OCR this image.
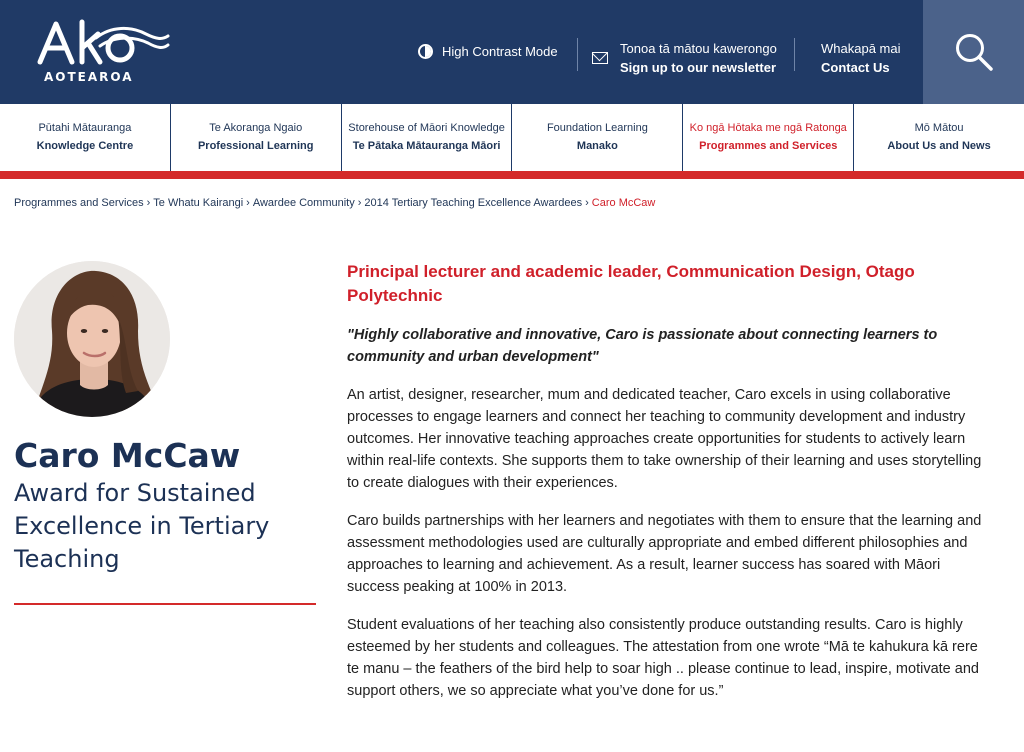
AOTEAROA
High Contrast Mode	Tonoa tā mātou kawerongo
Sign up to our newsletter
Whakapā mai
Contact Us
Pūtahi Mātauranga
Knowledge Centre
Te Akoranga Ngaio
Professional Learning
Storehouse of Māori Knowledge
Te Pātaka Mātauranga Māori
Foundation Learning
Manako
Ko ngā Hōtaka me ngā Ratonga
Programmes and Services
Mō Mātou
About Us and News
Programmes and Services › Te Whatu Kairangi › Awardee Community › 2014 Tertiary Teaching Excellence Awardees › Caro McCaw
Caro McCaw
Award for Sustained Excellence in Tertiary Teaching
Principal lecturer and academic leader, Communication Design, Otago Polytechnic
"Highly collaborative and innovative, Caro is passionate about connecting learners to community and urban development"

An artist, designer, researcher, mum and dedicated teacher, Caro excels in using collaborative processes to engage learners and connect her teaching to community development and industry outcomes. Her innovative teaching approaches create opportunities for students to actively learn within real-life contexts. She supports them to take ownership of their learning and uses storytelling to create dialogues with their experiences.

Caro builds partnerships with her learners and negotiates with them to ensure that the learning and assessment methodologies used are culturally appropriate and embed different philosophies and approaches to learning and achievement. As a result, learner success has soared with Māori success peaking at 100% in 2013.

Student evaluations of her teaching also consistently produce outstanding results. Caro is highly esteemed by her students and colleagues. The attestation from one wrote “Mā te kahukura kā rere te manu – the feathers of the bird help to soar high .. please continue to lead, inspire, motivate and support others, we so appreciate what you’ve done for us.”
